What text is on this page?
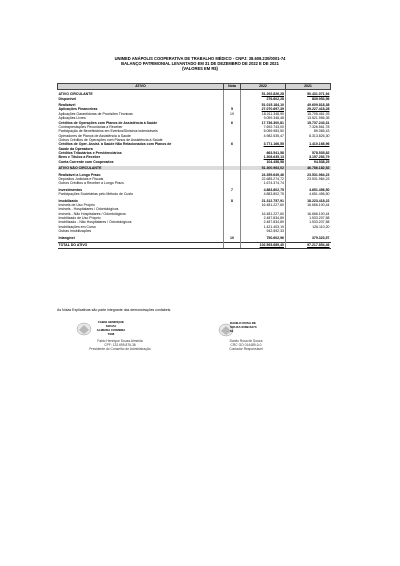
UNIMED ANÁPOLIS COOPERATIVA DE TRABALHO MÉDICO - CNPJ: 38.609.230/0001-74
BALANÇO PATRIMONIAL LEVANTADO EM 31 DE DEZEMBRO DE 2022 E DE 2021
(VALORES EM R$)
ATIVO	Nota	2022	2021

ATIVO CIRCULANTE		51.292.826,28	50.431.071,94
Disponível		276.802,28	839.953,56

Realizável		51.015.184,10	49.609.818,38
Aplicações Financeiras	5	27.070.697,39	29.227.418,28
Aplicações Garantidoras de Provisões Técnicas	19	18.011.348,90	15.705.461,93
Aplicações Livres		9.059.348,48	13.521.956,35
Créditos de Operações com Planos de Assistência à Saúde	6	17.736.300,81	15.737.243,31
Contraprestações Pecuniárias a Receber		7.692.743,00	7.326.561,78
Participação de Beneficiários em Eventos/Sinistros indenizáveis		5.059.983,50	89.065,43
Operadores de Planos de Assistência à Saúde		4.982.535,47	8.313.826,30
Outros Créditos de Operações com Planos de Assistência à Saúde			
Créditos de Oper. Assist. à Saúde Não Relacionados com Planos de	6	3.771.166,55	1.410.168,96
Saúde da Operadora			
Créditos Tributários e Previdenciários		663.541,58	578.535,82
Bens e Títulos a Receber		1.308.635,13	3.157.283,79
Conta Corrente com Cooperados		104.458,58	94.538,25

ATIVO NÃO CIRCULANTE		51.300.963,02	46.786.182,52

Realizável a Longo Prazo		24.359.649,46	23.531.964,23
Depósitos Judiciais e Fiscais		22.685.274,72	23.531.964,23
Outros Créditos a Receber a Longo Prazo		1.674.374,74	-

Investimentos	7	4.883.802,75	4.651.456,50
Participações Societárias pelo Método de Custo		4.883.802,75	4.651.456,50

Imobilizado	8	21.312.757,91	18.223.418,22
Imóveis de Uso Próprio		16.481.227,60	16.666.100,44
Imóveis - Hospitalares / Odontológicos			
Imóveis - Não Hospitalares / Odontológicos		16.481.227,60	16.666.100,44
Imobilizado de Uso Próprio		2.487.834,89	1.533.207,58
Imobilizado - Não Hospitalares / Odontológicos		2.487.834,89	1.533.207,58
Imobilizações em Curso		1.421.403,19	126.110,20
Outras Imobilizações		942.592,33	-

Intangível	10	750.602,96	379.323,57

TOTAL DO ATIVO		102.593.689,40	97.217.854,46
As Notas Explicativas são parte integrante das demonstrações contábeis.
FABIO HENRIQUE
SOUZA
ALMEIDA COIMBRA
7908
Fabio Henrique Souza Almeida
CPF: 132.695.876-36
Presidente do Conselho de Administração
DANILO ROSA DE
SOUZA:008916173
64
Danilo Rosa de Souza
CRC GO 014489-0-0
Contador Responsável
